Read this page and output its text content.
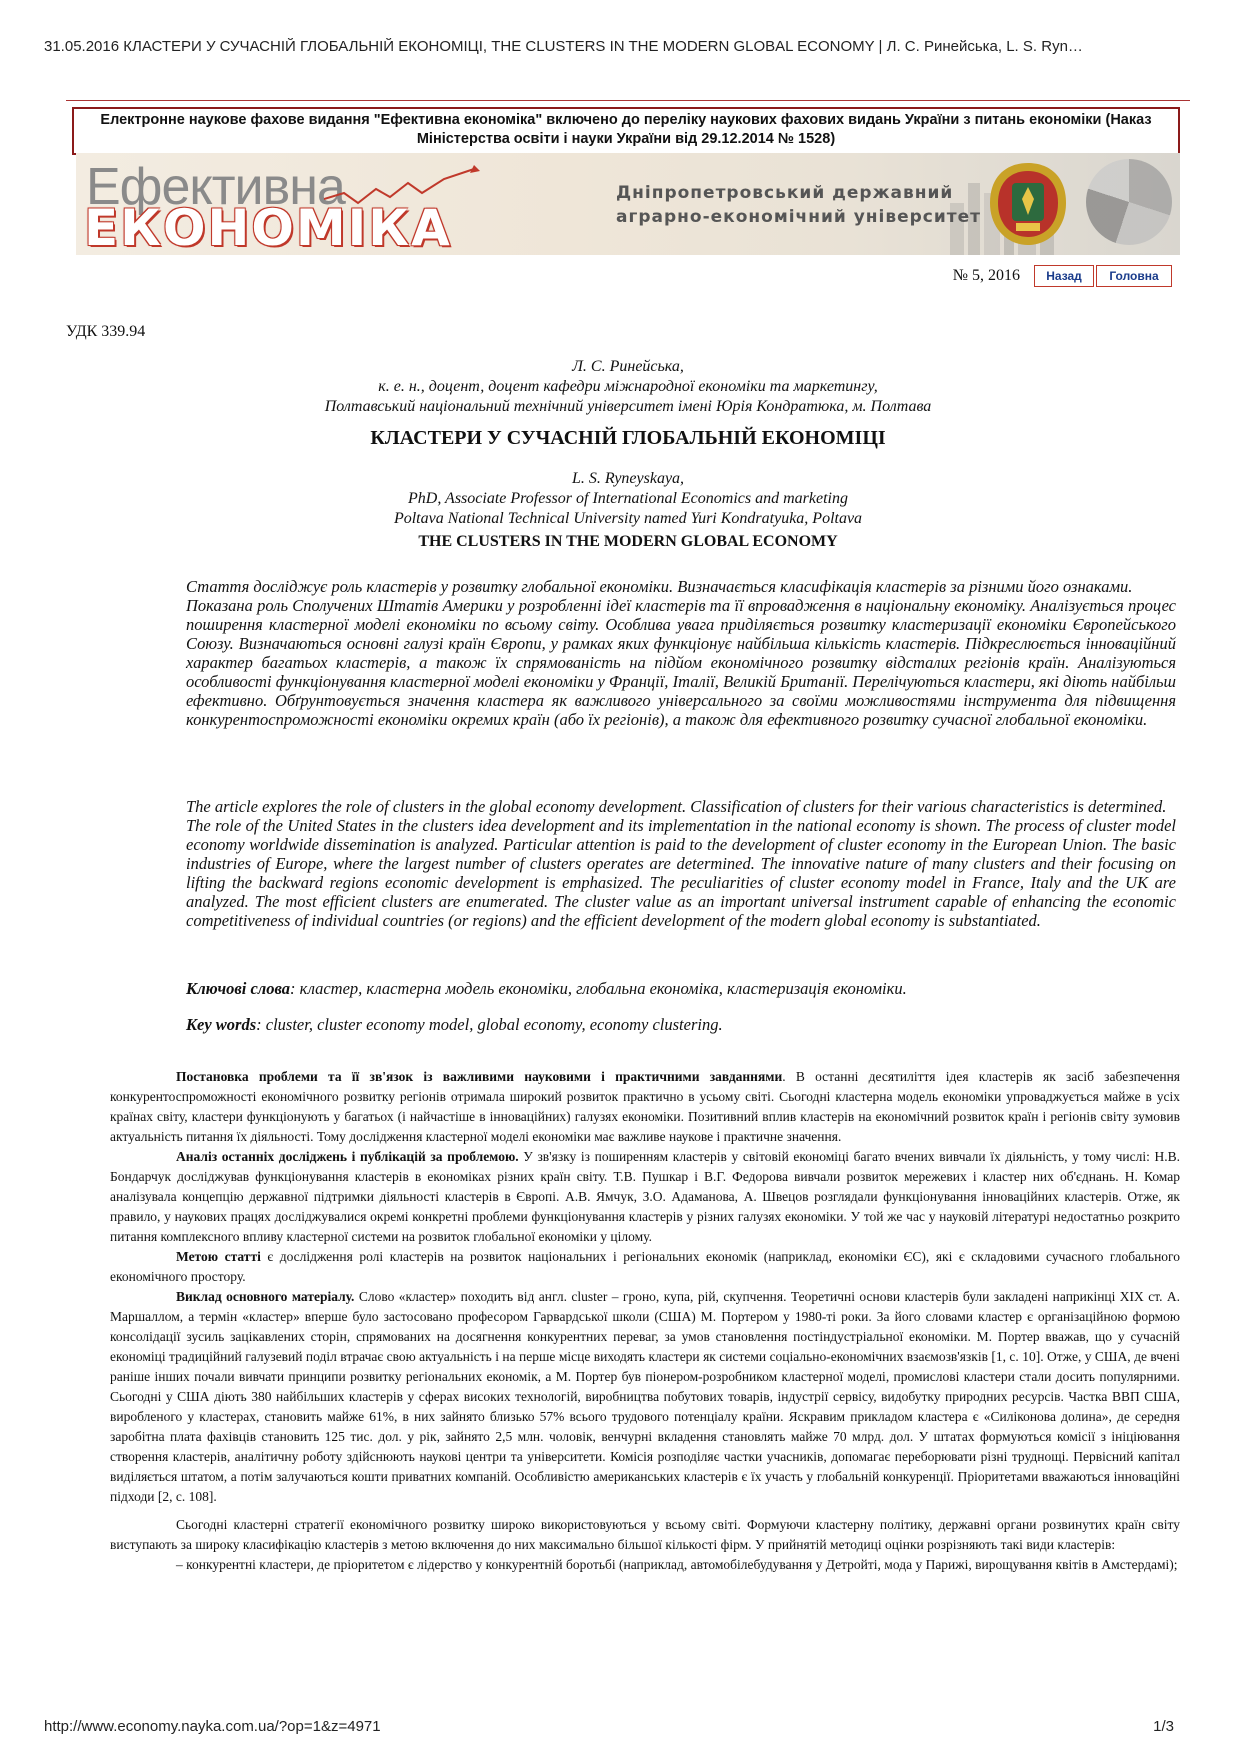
31.05.2016 КЛАСТЕРИ У СУЧАСНІЙ ГЛОБАЛЬНІЙ ЕКОНОМІЦІ, THE CLUSTERS IN THE MODERN GLOBAL ECONOMY | Л. С. Ринейська, L. S. Ryn…
Електронне наукове фахове видання "Ефективна економіка" включено до переліку наукових фахових видань України з питань економіки (Наказ Міністерства освіти і науки України від 29.12.2014 № 1528)
Ефективна
ЕКОНОМІКА
Дніпропетровський державний
аграрно-економічний університет
№ 5, 2016	Назад	Головна
УДК 339.94
Л. С. Ринейська,
к. е. н., доцент, доцент кафедри міжнародної економіки та маркетингу,
Полтавський національний технічний університет імені Юрія Кондратюка, м. Полтава
КЛАСТЕРИ У СУЧАСНІЙ ГЛОБАЛЬНІЙ ЕКОНОМІЦІ
L. S. Ryneyskaya,
PhD, Associate Professor of International Economics and marketing
Poltava National Technical University named Yuri Kondratyuka, Poltava
THE CLUSTERS IN THE MODERN GLOBAL ECONOMY
Стаття досліджує роль кластерів у розвитку глобальної економіки. Визначається класифікація кластерів за різними його ознаками.
Показана роль Сполучених Штатів Америки у розробленні ідеї кластерів та її впровадження в національну економіку. Аналізується процес поширення кластерної моделі економіки по всьому світу. Особлива увага приділяється розвитку кластеризації економіки Європейського Союзу. Визначаються основні галузі країн Європи, у рамках яких функціонує найбільша кількість кластерів. Підкреслюється інноваційний характер багатьох кластерів, а також їх спрямованість на підйом економічного розвитку відсталих регіонів країн. Аналізуються особливості функціонування кластерної моделі економіки у Франції, Італії, Великій Британії. Перелічуються кластери, які діють найбільш ефективно. Обґрунтовується значення кластера як важливого універсального за своїми можливостями інструмента для підвищення конкурентоспроможності економіки окремих країн (або їх регіонів), а також для ефективного розвитку сучасної глобальної економіки.
The article explores the role of clusters in the global economy development. Classification of clusters for their various characteristics is determined.
The role of the United States in the clusters idea development and its implementation in the national economy is shown. The process of cluster model economy worldwide dissemination is analyzed. Particular attention is paid to the development of cluster economy in the European Union. The basic industries of Europe, where the largest number of clusters operates are determined. The innovative nature of many clusters and their focusing on lifting the backward regions economic development is emphasized. The peculiarities of cluster economy model in France, Italy and the UK are analyzed. The most efficient clusters are enumerated. The cluster value as an important universal instrument capable of enhancing the economic competitiveness of individual countries (or regions) and the efficient development of the modern global economy is substantiated.
Ключові слова: кластер, кластерна модель економіки, глобальна економіка, кластеризація економіки.
Key words: cluster, cluster economy model, global economy, economy clustering.

Постановка проблеми та її зв'язок із важливими науковими і практичними завданнями. В останні десятиліття ідея кластерів як засіб забезпечення конкурентоспроможності економічного розвитку регіонів отримала широкий розвиток практично в усьому світі. Сьогодні кластерна модель економіки упроваджується майже в усіх країнах світу, кластери функціонують у багатьох (і найчастіше в інноваційних) галузях економіки. Позитивний вплив кластерів на економічний розвиток країн і регіонів світу зумовив актуальність питання їх діяльності. Тому дослідження кластерної моделі економіки має важливе наукове і практичне значення.

Аналіз останніх досліджень і публікацій за проблемою. У зв'язку із поширенням кластерів у світовій економіці багато вчених вивчали їх діяльність, у тому числі: Н.В. Бондарчук досліджував функціонування кластерів в економіках різних країн світу. Т.В. Пушкар і В.Г. Федорова вивчали розвиток мережевих і кластер них об'єднань. Н. Комар аналізувала концепцію державної підтримки діяльності кластерів в Європі. А.В. Ямчук, З.О. Адаманова, А. Швецов розглядали функціонування інноваційних кластерів. Отже, як правило, у наукових працях досліджувалися окремі конкретні проблеми функціонування кластерів у різних галузях економіки. У той же час у науковій літературі недостатньо розкрито питання комплексного впливу кластерної системи на розвиток глобальної економіки у цілому.

Метою статті є дослідження ролі кластерів на розвиток національних і регіональних економік (наприклад, економіки ЄС), які є складовими сучасного глобального економічного простору.

Виклад основного матеріалу. Слово «кластер» походить від англ. cluster – гроно, купа, рій, скупчення. Теоретичні основи кластерів були закладені наприкінці XIX ст. А. Маршаллом, а термін «кластер» вперше було застосовано професором Гарвардської школи (США) М. Портером у 1980-ті роки. За його словами кластер є організаційною формою консолідації зусиль зацікавлених сторін, спрямованих на досягнення конкурентних переваг, за умов становлення постіндустріальної економіки. М. Портер вважав, що у сучасній економіці традиційний галузевий поділ втрачає свою актуальність і на перше місце виходять кластери як системи соціально-економічних взаємозв'язків [1, с. 10]. Отже, у США, де вчені раніше інших почали вивчати принципи розвитку регіональних економік, а М. Портер був піонером-розробником кластерної моделі, промислові кластери стали досить популярними. Сьогодні у США діють 380 найбільших кластерів у сферах високих технологій, виробництва побутових товарів, індустрії сервісу, видобутку природних ресурсів. Частка ВВП США, виробленого у кластерах, становить майже 61%, в них зайнято близько 57% всього трудового потенціалу країни. Яскравим прикладом кластера є «Силіконова долина», де середня заробітна плата фахівців становить 125 тис. дол. у рік, зайнято 2,5 млн. чоловік, венчурні вкладення становлять майже 70 млрд. дол. У штатах формуються комісії з ініціювання створення кластерів, аналітичну роботу здійснюють наукові центри та університети. Комісія розподіляє частки учасників, допомагає переборювати різні труднощі. Первісний капітал виділяється штатом, а потім залучаються кошти приватних компаній. Особливістю американських кластерів є їх участь у глобальній конкуренції. Пріоритетами вважаються інноваційні підходи [2, с. 108].

Сьогодні кластерні стратегії економічного розвитку широко використовуються у всьому світі. Формуючи кластерну політику, державні органи розвинутих країн світу виступають за широку класифікацію кластерів з метою включення до них максимально більшої кількості фірм. У прийнятій методиці оцінки розрізняють такі види кластерів:

– конкурентні кластери, де пріоритетом є лідерство у конкурентній боротьбі (наприклад, автомобілебудування у Детройті, мода у Парижі, вирощування квітів в Амстердамі);

http://www.economy.nayka.com.ua/?op=1&z=4971	1/3
